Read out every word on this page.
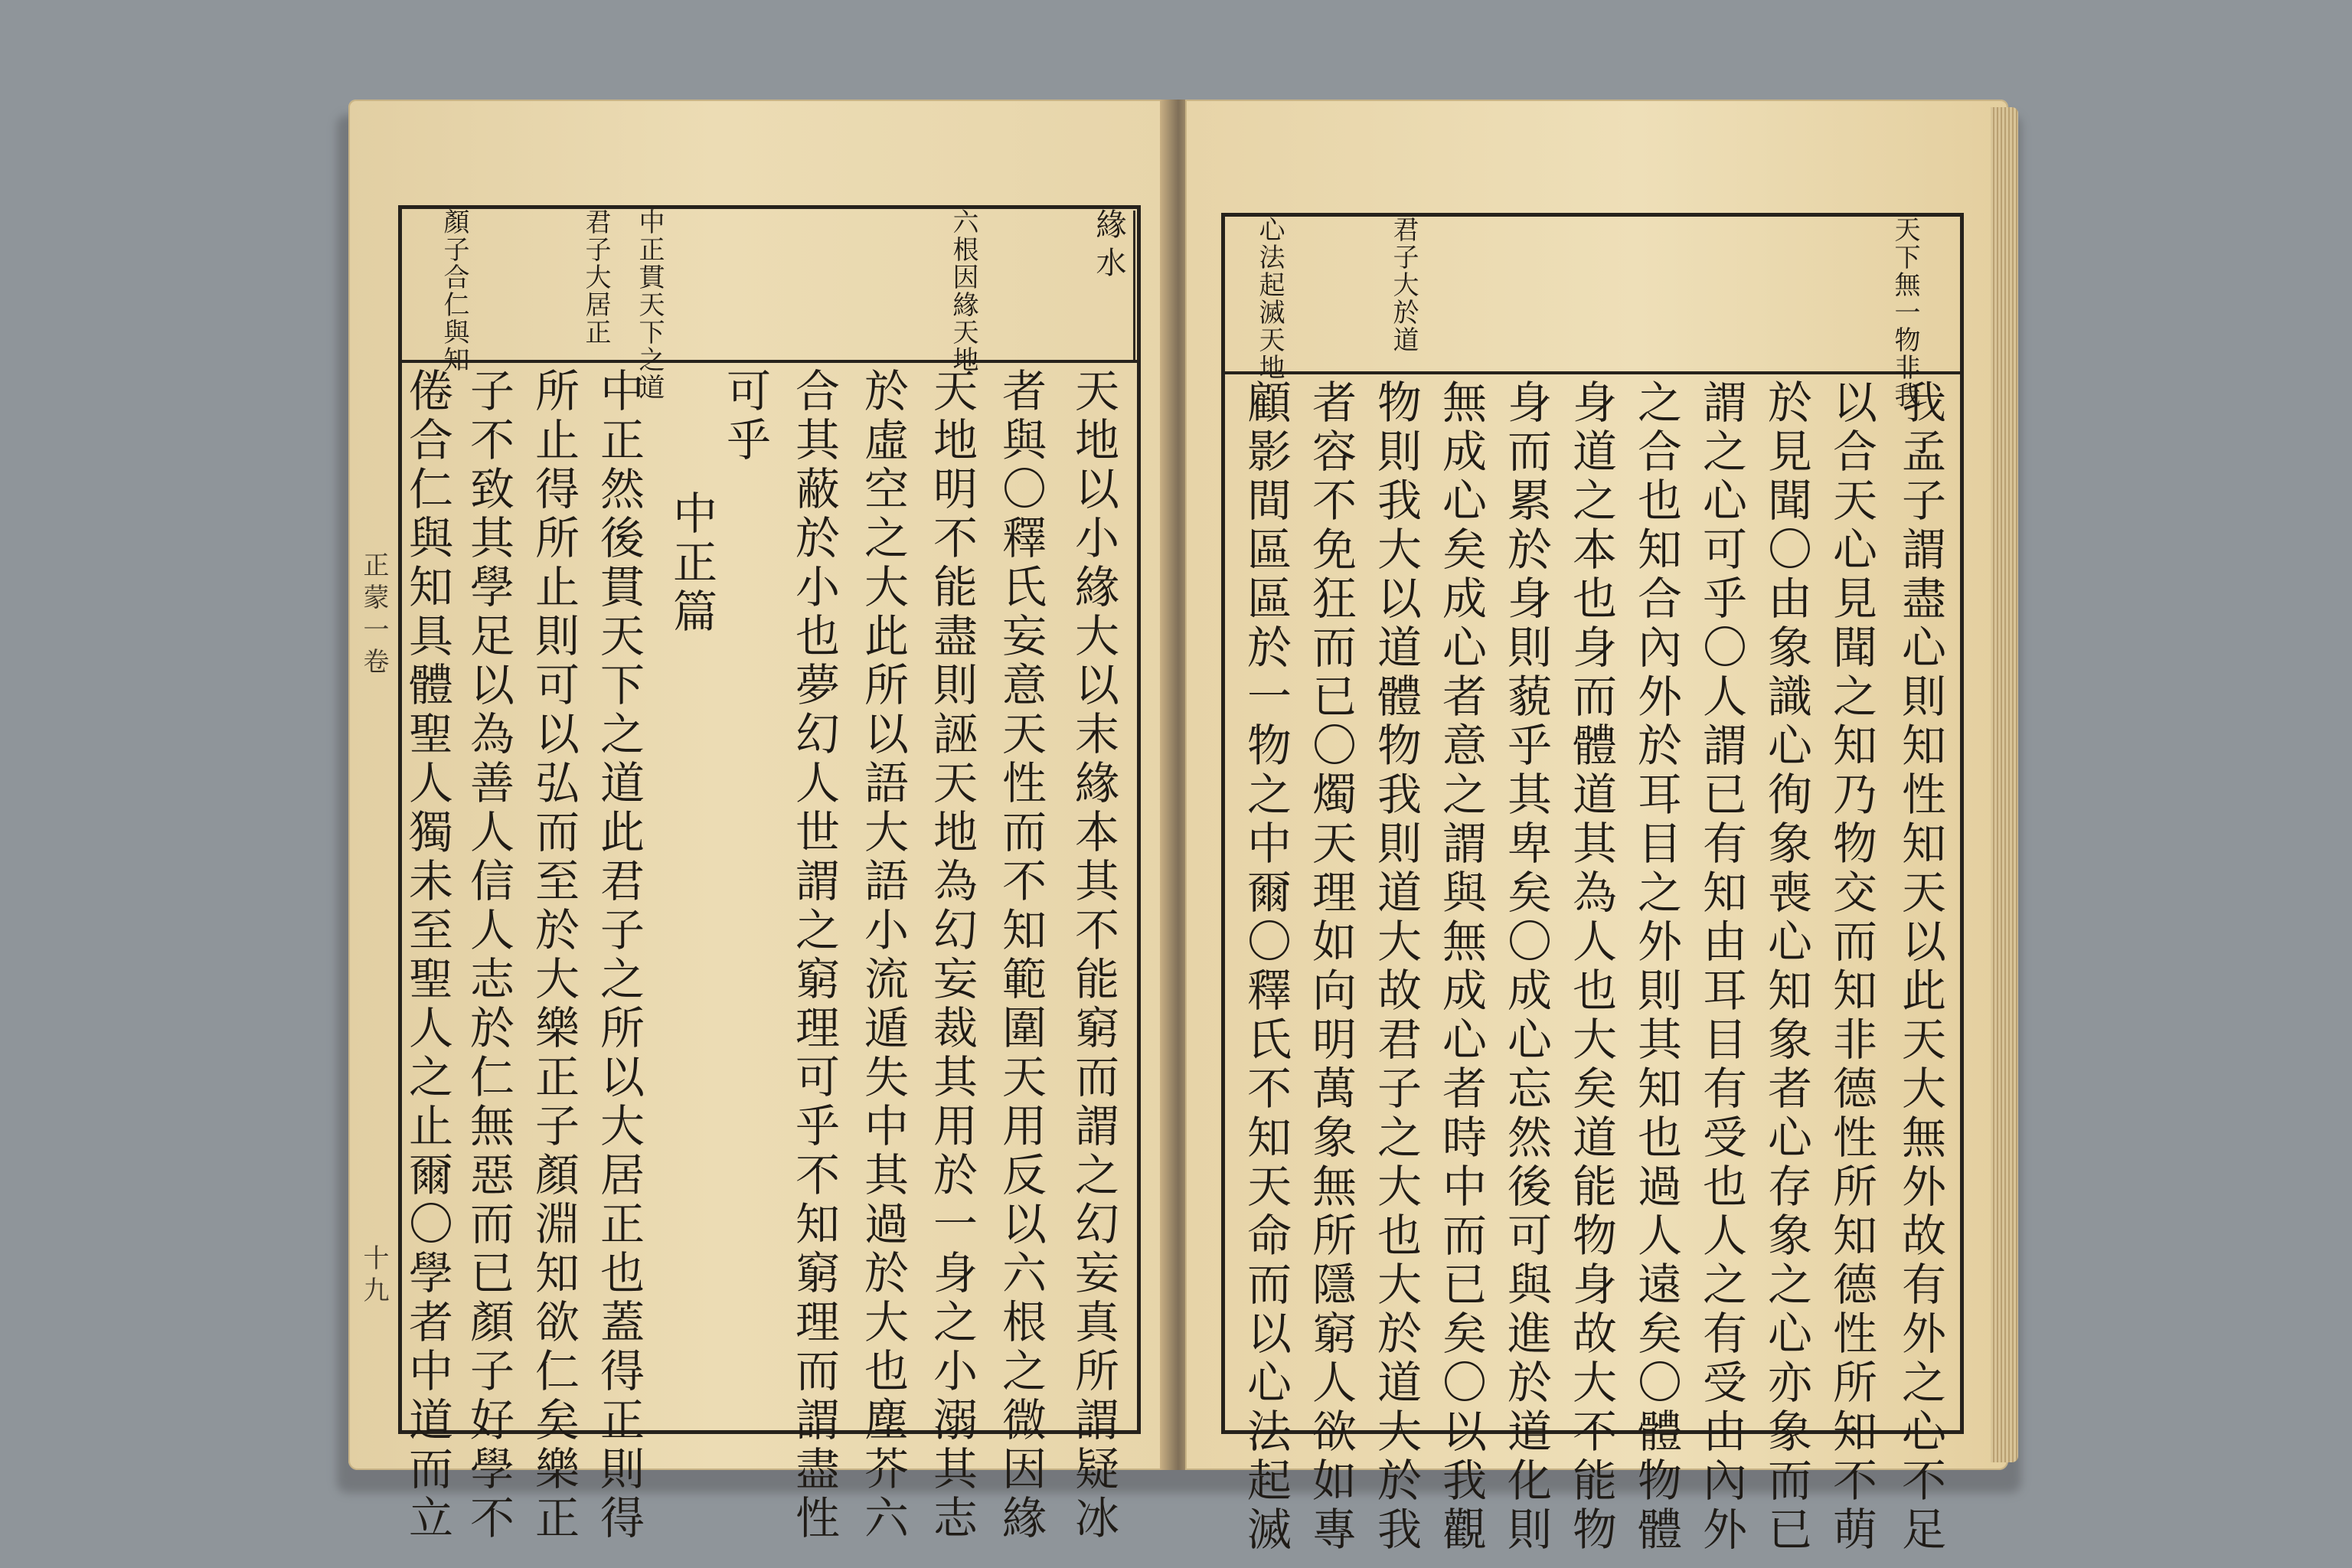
緣水
六根因緣天地
中正貫天下之道
君子大居正
顏子合仁與知
天地以小緣大以末緣本其不能窮而謂之幻妄真所謂疑冰
者與〇釋氏妄意天性而不知範圍天用反以六根之微因緣
天地明不能盡則誣天地為幻妄裁其用於一身之小溺其志
於虛空之大此所以語大語小流遁失中其過於大也塵芥六
合其蔽於小也夢幻人世謂之窮理可乎不知窮理而謂盡性
可乎
中正篇
中正然後貫天下之道此君子之所以大居正也蓋得正則得
所止得所止則可以弘而至於大樂正子顏淵知欲仁矣樂正
子不致其學足以為善人信人志於仁無惡而已顏子好學不
倦合仁與知具體聖人獨未至聖人之止爾〇學者中道而立
正蒙一卷
十九
天下無一物非我
君子大於道
心法起滅天地
我孟子謂盡心則知性知天以此天大無外故有外之心不足
以合天心見聞之知乃物交而知非德性所知德性所知不萌
於見聞〇由象識心徇象喪心知象者心存象之心亦象而已
謂之心可乎〇人謂已有知由耳目有受也人之有受由內外
之合也知合內外於耳目之外則其知也過人遠矣〇體物體
身道之本也身而體道其為人也大矣道能物身故大不能物
身而累於身則藐乎其卑矣〇成心忘然後可與進於道化則
無成心矣成心者意之謂與無成心者時中而已矣〇以我觀
物則我大以道體物我則道大故君子之大也大於道大於我
者容不免狂而已〇燭天理如向明萬象無所隱窮人欲如專
顧影間區區於一物之中爾〇釋氏不知天命而以心法起滅
